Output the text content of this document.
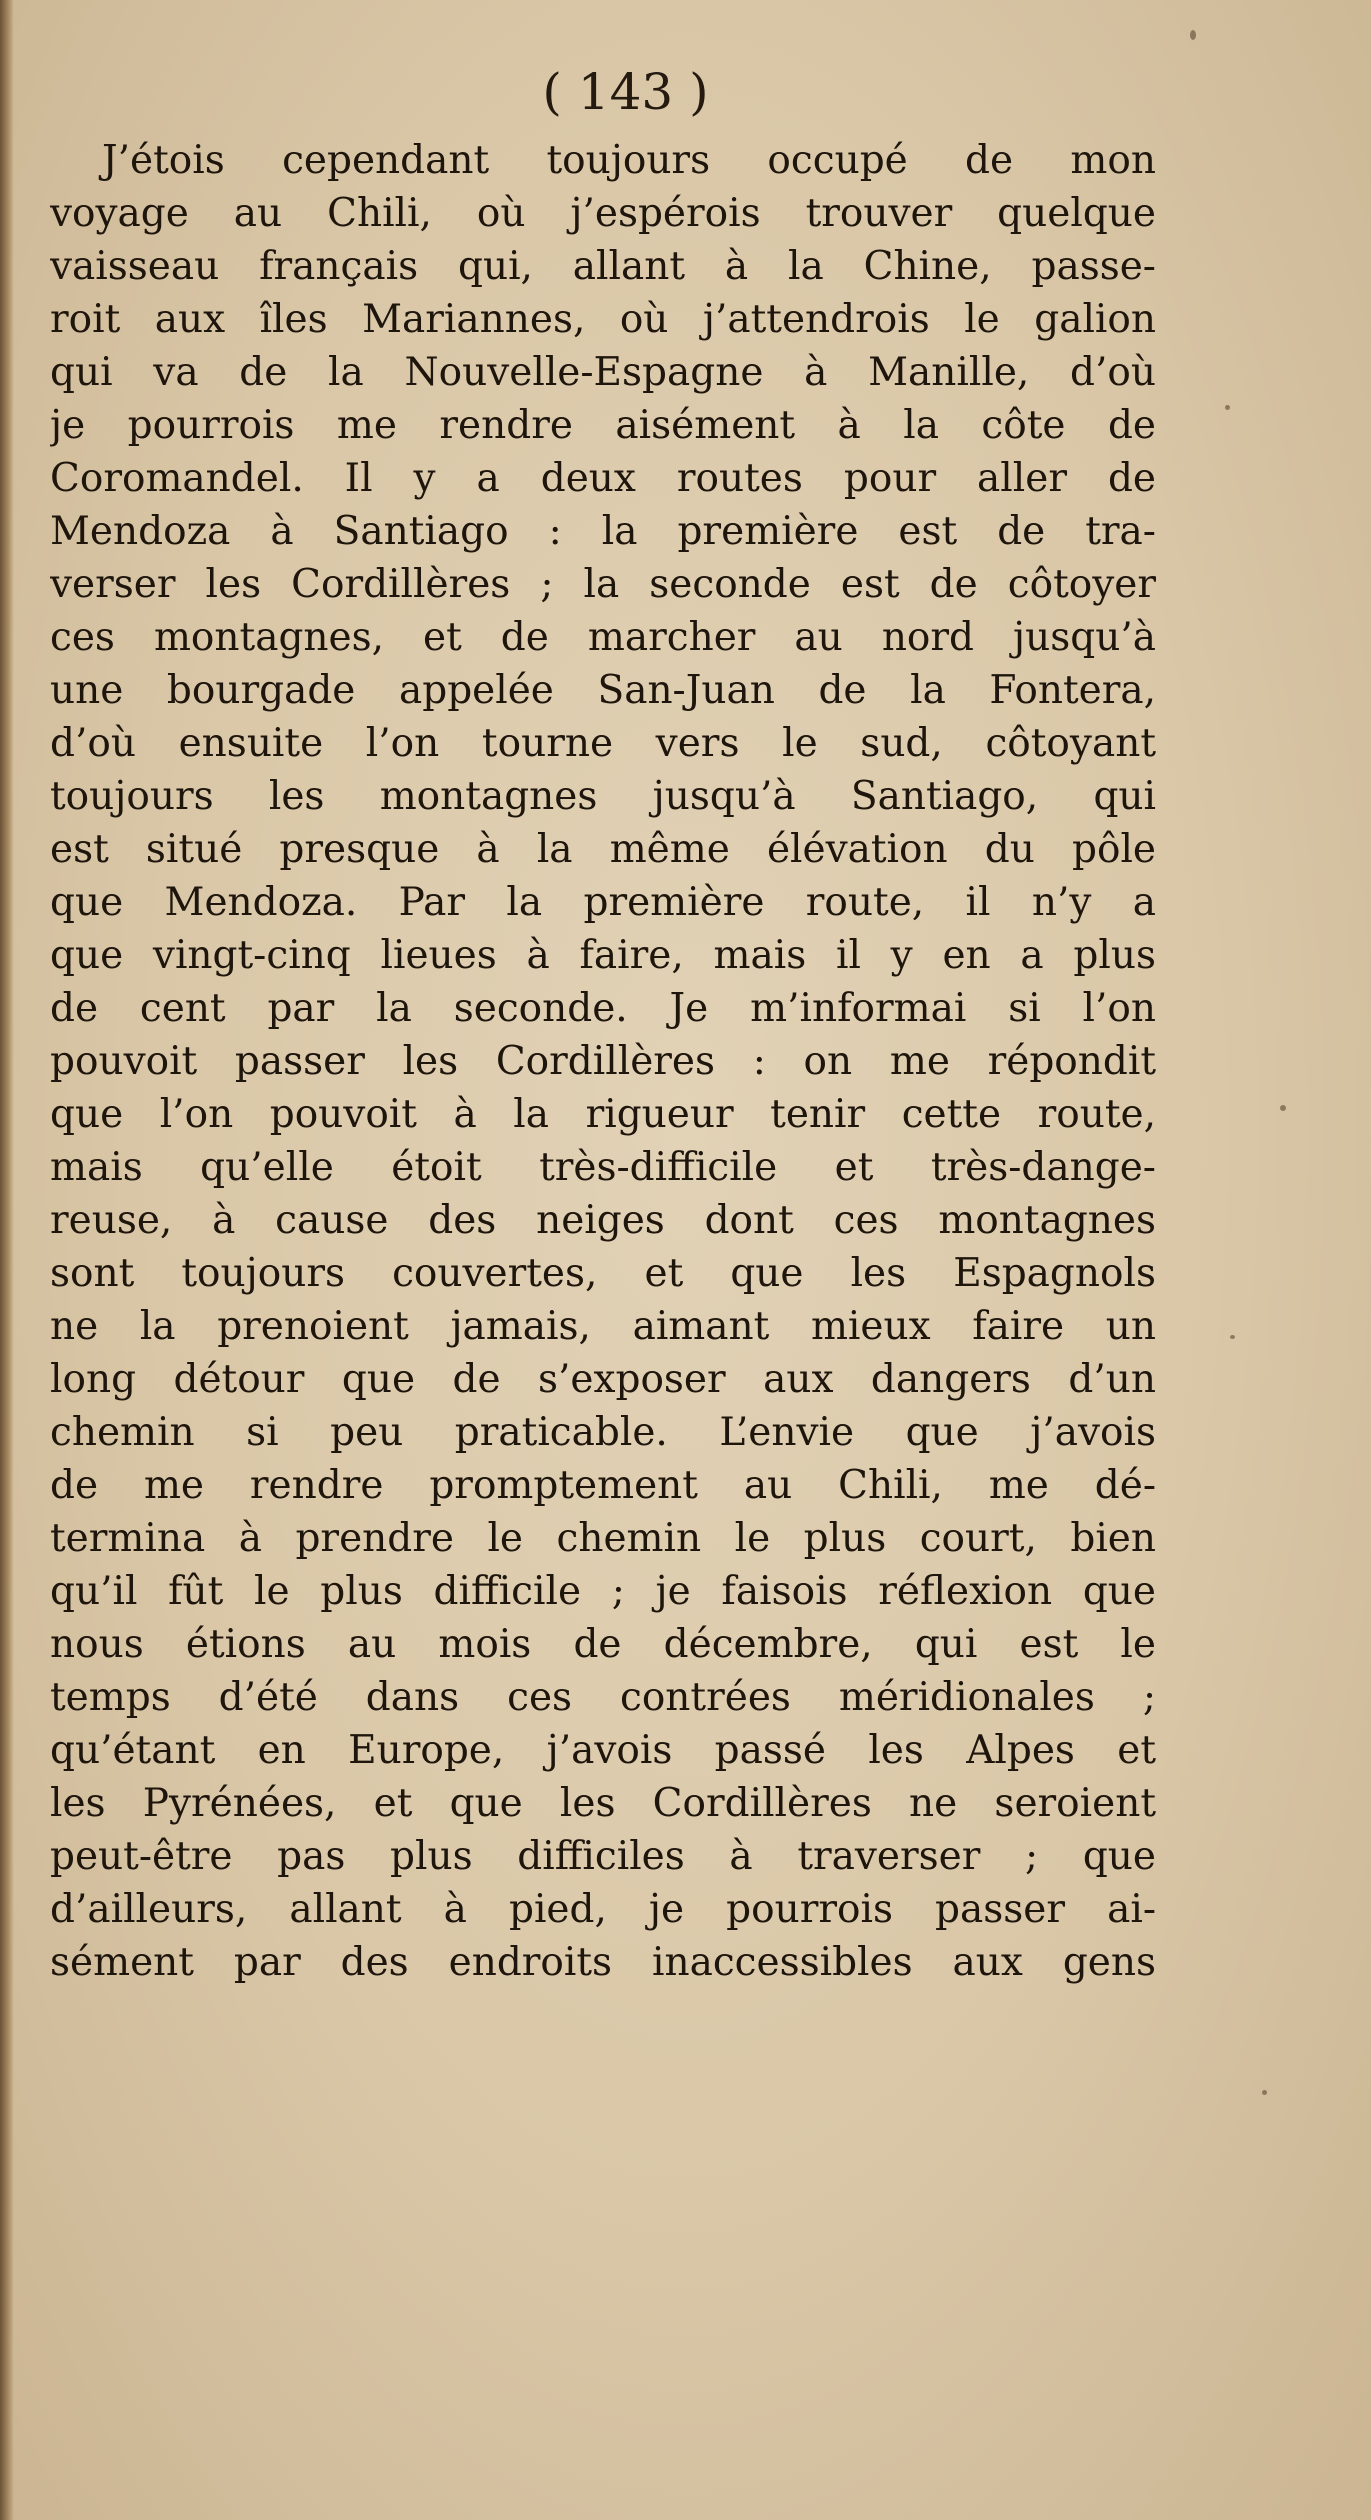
( 143 )
J’étois cependant toujours occupé de mon
voyage au Chili, où j’espérois trouver quelque
vaisseau français qui, allant à la Chine, passe-
roit aux îles Mariannes, où j’attendrois le galion
qui va de la Nouvelle-Espagne à Manille, d’où
je pourrois me rendre aisément à la côte de
Coromandel. Il y a deux routes pour aller de
Mendoza à Santiago : la première est de tra-
verser les Cordillères ; la seconde est de côtoyer
ces montagnes, et de marcher au nord jusqu’à
une bourgade appelée San-Juan de la Fontera,
d’où ensuite l’on tourne vers le sud, côtoyant
toujours les montagnes jusqu’à Santiago, qui
est situé presque à la même élévation du pôle
que Mendoza. Par la première route, il n’y a
que vingt-cinq lieues à faire, mais il y en a plus
de cent par la seconde. Je m’informai si l’on
pouvoit passer les Cordillères : on me répondit
que l’on pouvoit à la rigueur tenir cette route,
mais qu’elle étoit très-difficile et très-dange-
reuse, à cause des neiges dont ces montagnes
sont toujours couvertes, et que les Espagnols
ne la prenoient jamais, aimant mieux faire un
long détour que de s’exposer aux dangers d’un
chemin si peu praticable. L’envie que j’avois
de me rendre promptement au Chili, me dé-
termina à prendre le chemin le plus court, bien
qu’il fût le plus difficile ; je faisois réflexion que
nous étions au mois de décembre, qui est le
temps d’été dans ces contrées méridionales ;
qu’étant en Europe, j’avois passé les Alpes et
les Pyrénées, et que les Cordillères ne seroient
peut-être pas plus difficiles à traverser ; que
d’ailleurs, allant à pied, je pourrois passer ai-
sément par des endroits inaccessibles aux gens
